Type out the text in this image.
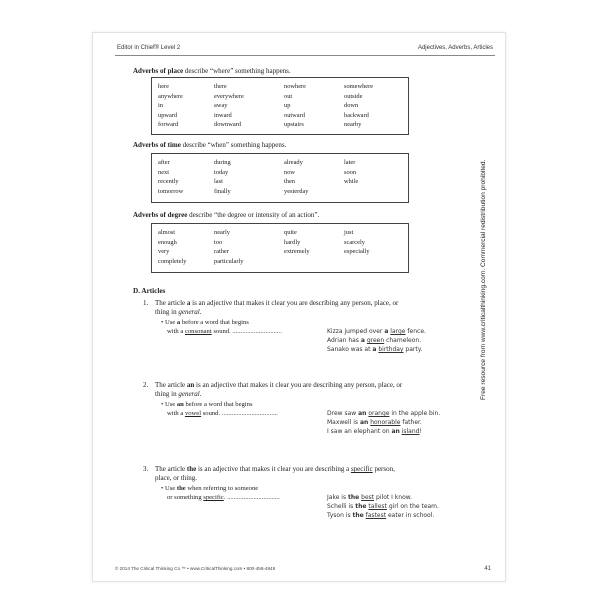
Editor in Chief® Level 2	Adjectives, Adverbs, Articles
Adverbs of place describe “where” something happens.
here	there	nowhere	somewhere
anywhere	everywhere	out	outside
in	away	up	down
upward	inward	outward	backward
forward	downward	upstairs	nearby
Adverbs of time describe “when” something happens.
after	during	already	later
next	today	now	soon
recently	last	then	while
tomorrow	finally	yesterday
Adverbs of degree describe “the degree or intensity of an action”.
almost	nearly	quite	just
enough	too	hardly	scarcely
very	rather	extremely	especially
completely	particularly
D. Articles
1. The article a is an adjective that makes it clear you are describing any person, place, or
thing in general.
• Use a before a word that begins
with a consonant sound. ..............................	Kizza jumped over a large fence.
Adrian has a green chameleon.
Sanako was at a birthday party.
2. The article an is an adjective that makes it clear you are describing any person, place, or
thing in general.
• Use an before a word that begins
with a vowel sound. ..................................	Drew saw an orange in the apple bin.
Maxwell is an honorable father.
I saw an elephant on an island!
3. The article the is an adjective that makes it clear you are describing a specific person,
place, or thing.
• Use the when referring to someone
or something specific. ................................	Jake is the best pilot I know.
Schelli is the tallest girl on the team.
Tyson is the fastest eater in school.
© 2014 The Critical Thinking Co.™ • www.CriticalThinking.com • 800-458-4849	41
Free resource from www.criticalthinking.com. Commercial redistribution prohibited.
